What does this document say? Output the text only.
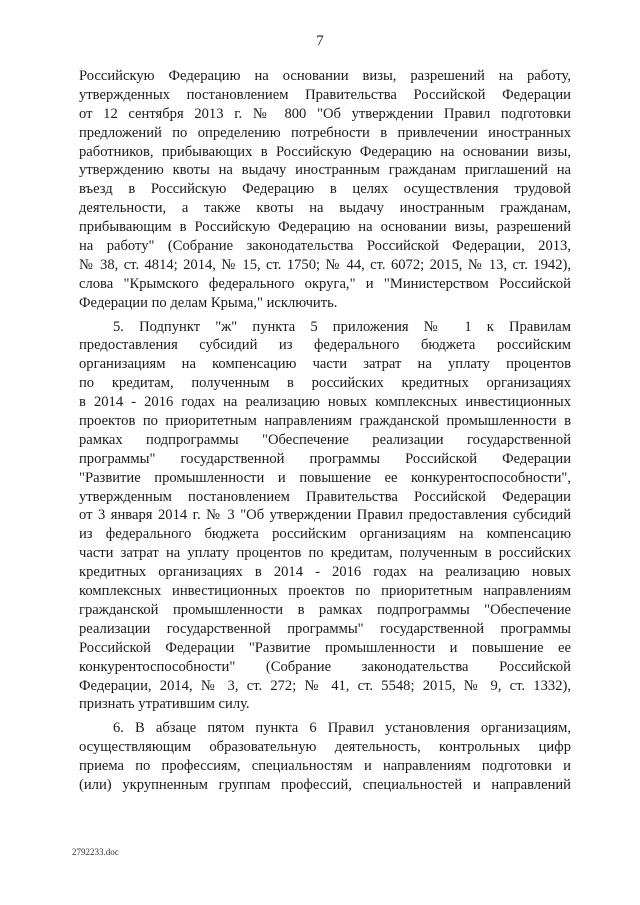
7
Российскую Федерацию на основании визы, разрешений на работу,
утвержденных постановлением Правительства Российской Федерации
от 12 сентября 2013 г. № 800 "Об утверждении Правил подготовки
предложений по определению потребности в привлечении иностранных
работников, прибывающих в Российскую Федерацию на основании визы,
утверждению квоты на выдачу иностранным гражданам приглашений на
въезд в Российскую Федерацию в целях осуществления трудовой
деятельности, а также квоты на выдачу иностранным гражданам,
прибывающим в Российскую Федерацию на основании визы, разрешений
на работу" (Собрание законодательства Российской Федерации, 2013,
№ 38, ст. 4814; 2014, № 15, ст. 1750; № 44, ст. 6072; 2015, № 13, ст. 1942),
слова "Крымского федерального округа," и "Министерством Российской
Федерации по делам Крыма," исключить.
5. Подпункт "ж" пункта 5 приложения № 1 к Правилам
предоставления субсидий из федерального бюджета российским
организациям на компенсацию части затрат на уплату процентов
по кредитам, полученным в российских кредитных организациях
в 2014 - 2016 годах на реализацию новых комплексных инвестиционных
проектов по приоритетным направлениям гражданской промышленности в
рамках подпрограммы "Обеспечение реализации государственной
программы" государственной программы Российской Федерации
"Развитие промышленности и повышение ее конкурентоспособности",
утвержденным постановлением Правительства Российской Федерации
от 3 января 2014 г. № 3 "Об утверждении Правил предоставления субсидий
из федерального бюджета российским организациям на компенсацию
части затрат на уплату процентов по кредитам, полученным в российских
кредитных организациях в 2014 - 2016 годах на реализацию новых
комплексных инвестиционных проектов по приоритетным направлениям
гражданской промышленности в рамках подпрограммы "Обеспечение
реализации государственной программы" государственной программы
Российской Федерации "Развитие промышленности и повышение ее
конкурентоспособности" (Собрание законодательства Российской
Федерации, 2014, № 3, ст. 272; № 41, ст. 5548; 2015, № 9, ст. 1332),
признать утратившим силу.
6. В абзаце пятом пункта 6 Правил установления организациям,
осуществляющим образовательную деятельность, контрольных цифр
приема по профессиям, специальностям и направлениям подготовки и
(или) укрупненным группам профессий, специальностей и направлений
2792233.doc
